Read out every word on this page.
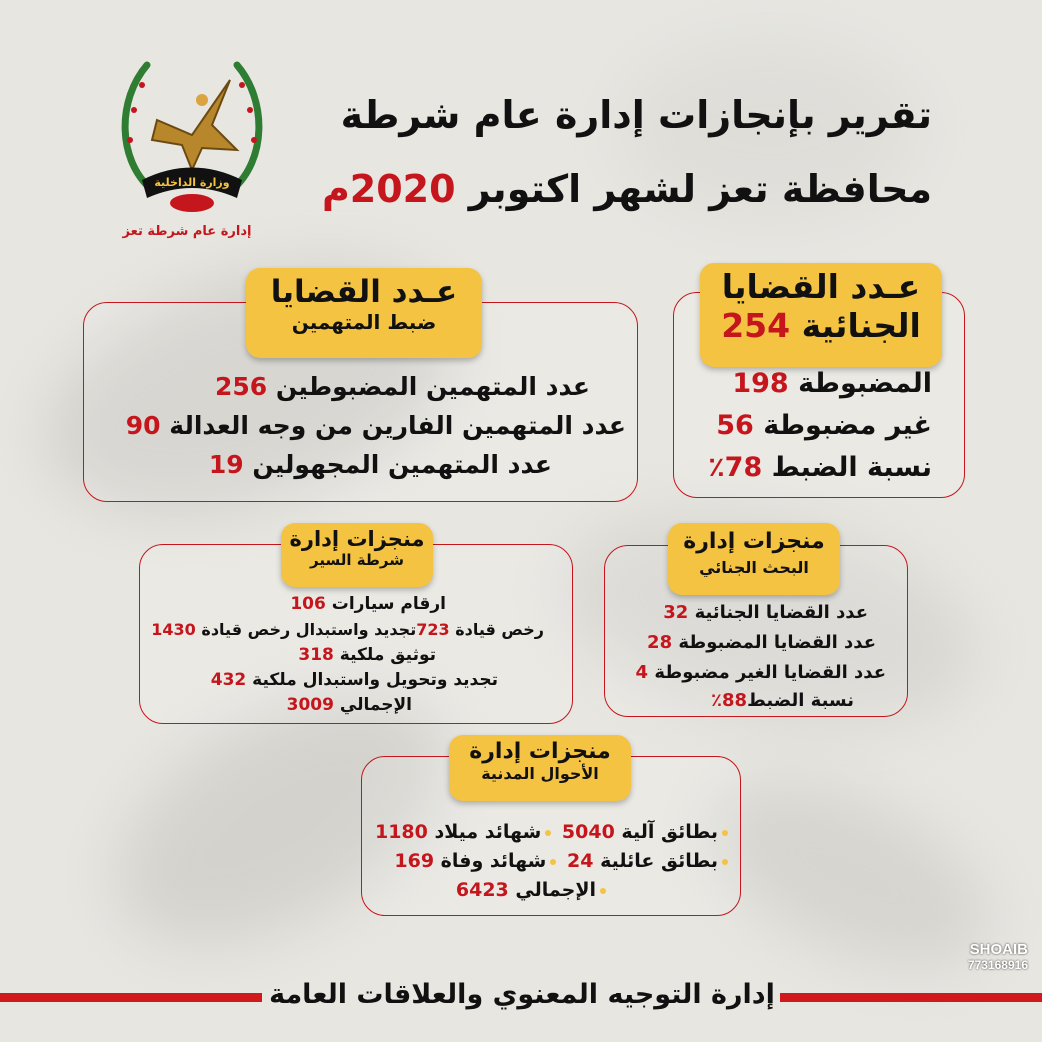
وزارة الداخلية
إدارة عام شرطة تعز
تقرير بإنجازات إدارة عام شرطة
محافظة تعز لشهر اكتوبر 2020م
عـدد القضايا
الجنائية 254
المضبوطة 198
غير مضبوطة 56
نسبة الضبط 78٪
عـدد القضايا
ضبط المتهمين
عدد المتهمين المضبوطين 256
عدد المتهمين الفارين من وجه العدالة 90
عدد المتهمين المجهولين 19
منجزات إدارة
البحث الجنائي
عدد القضايا الجنائية 32
عدد القضايا المضبوطة 28
عدد القضايا الغير مضبوطة 4
نسبة الضبط88٪
منجزات إدارة
شرطة السير
ارقام سيارات 106
رخص قيادة 723تجديد واستبدال رخص قيادة 1430
توثيق ملكية 318
تجديد وتحويل واستبدال ملكية 432
الإجمالي 3009
منجزات إدارة
الأحوال المدنية
بطائق آلية 5040 شهائد ميلاد 1180
بطائق عائلية 24 شهائد وفاة 169
الإجمالي 6423
SHOAIB
773168916
إدارة التوجيه المعنوي والعلاقات العامة
